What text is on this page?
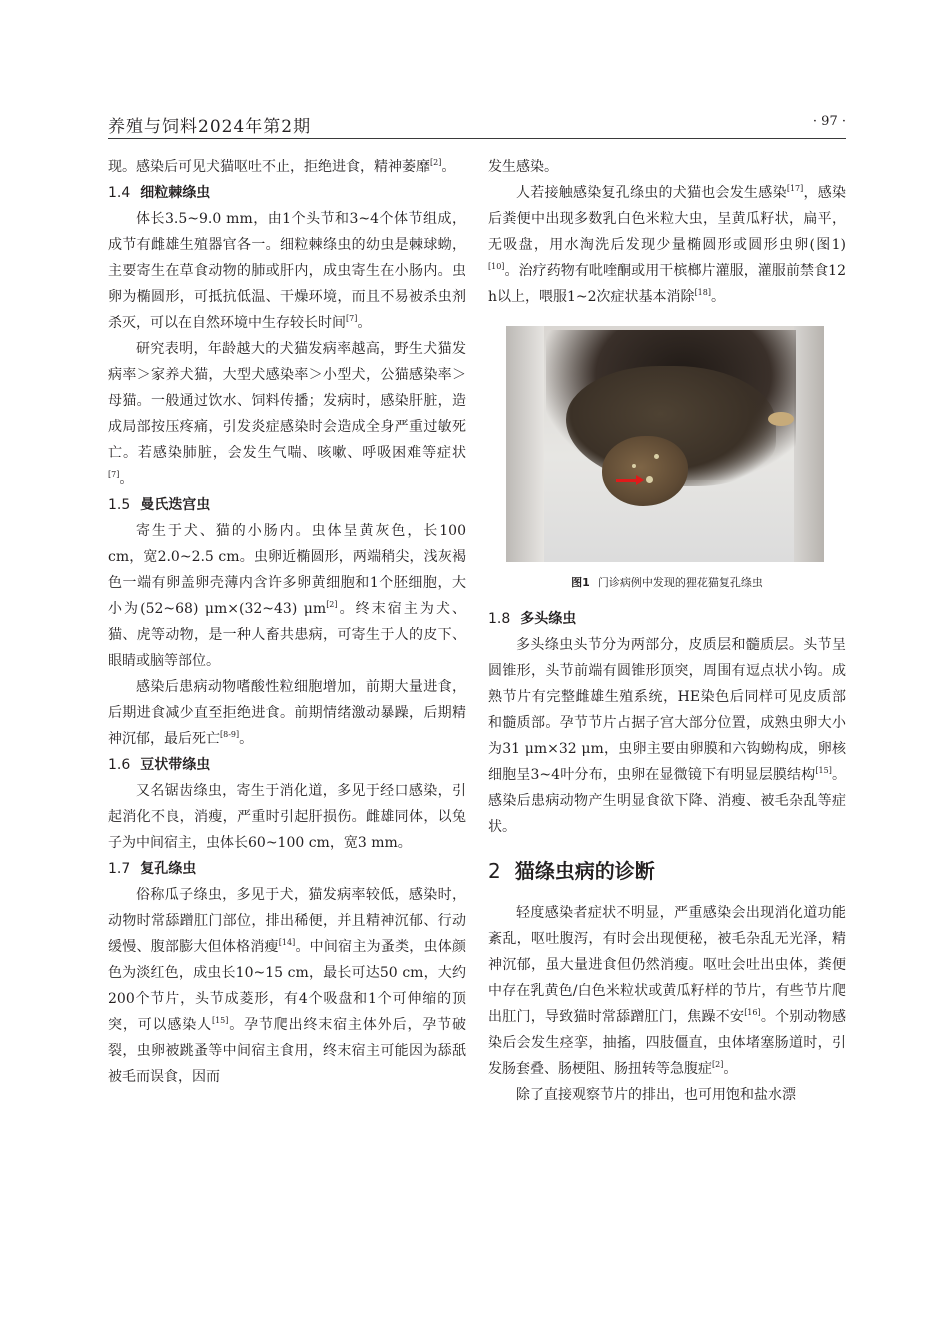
养殖与饲料2024年第2期	· 97 ·

现。感染后可见犬猫呕吐不止，拒绝进食，精神萎靡[2]。

1.4 细粒棘绦虫

体长3.5~9.0 mm，由1个头节和3~4个体节组成，成节有雌雄生殖器官各一。细粒棘绦虫的幼虫是棘球蚴，主要寄生在草食动物的肺或肝内，成虫寄生在小肠内。虫卵为椭圆形，可抵抗低温、干燥环境，而且不易被杀虫剂杀灭，可以在自然环境中生存较长时间[7]。

研究表明，年龄越大的犬猫发病率越高，野生犬猫发病率＞家养犬猫，大型犬感染率＞小型犬，公猫感染率＞母猫。一般通过饮水、饲料传播；发病时，感染肝脏，造成局部按压疼痛，引发炎症感染时会造成全身严重过敏死亡。若感染肺脏，会发生气喘、咳嗽、呼吸困难等症状[7]。

1.5 曼氏迭宫虫

寄生于犬、猫的小肠内。虫体呈黄灰色，长100 cm，宽2.0~2.5 cm。虫卵近椭圆形，两端稍尖，浅灰褐色一端有卵盖卵壳薄内含许多卵黄细胞和1个胚细胞，大小为(52~68) μm×(32~43) μm[2]。终末宿主为犬、猫、虎等动物，是一种人畜共患病，可寄生于人的皮下、眼睛或脑等部位。

感染后患病动物嗜酸性粒细胞增加，前期大量进食，后期进食减少直至拒绝进食。前期情绪激动暴躁，后期精神沉郁，最后死亡[8-9]。

1.6 豆状带绦虫

又名锯齿绦虫，寄生于消化道，多见于经口感染，引起消化不良，消瘦，严重时引起肝损伤。雌雄同体，以兔子为中间宿主，虫体长60~100 cm，宽3 mm。

1.7 复孔绦虫

俗称瓜子绦虫，多见于犬，猫发病率较低，感染时，动物时常舔蹭肛门部位，排出稀便，并且精神沉郁、行动缓慢、腹部膨大但体格消瘦[14]。中间宿主为蚤类，虫体颜色为淡红色，成虫长10~15 cm，最长可达50 cm，大约200个节片，头节成菱形，有4个吸盘和1个可伸缩的顶突，可以感染人[15]。孕节爬出终末宿主体外后，孕节破裂，虫卵被跳蚤等中间宿主食用，终末宿主可能因为舔舐被毛而误食，因而

发生感染。

人若接触感染复孔绦虫的犬猫也会发生感染[17]，感染后粪便中出现多数乳白色米粒大虫，呈黄瓜籽状，扁平，无吸盘，用水淘洗后发现少量椭圆形或圆形虫卵(图1)[10]。治疗药物有吡喹酮或用干槟榔片灌服，灌服前禁食12 h以上，喂服1~2次症状基本消除[18]。

图1 门诊病例中发现的狸花猫复孔绦虫
1.8 多头绦虫

多头绦虫头节分为两部分，皮质层和髓质层。头节呈圆锥形，头节前端有圆锥形顶突，周围有逗点状小钩。成熟节片有完整雌雄生殖系统，HE染色后同样可见皮质部和髓质部。孕节节片占据子宫大部分位置，成熟虫卵大小为31 μm×32 μm，虫卵主要由卵膜和六钩蚴构成，卵核细胞呈3~4叶分布，虫卵在显微镜下有明显层膜结构[15]。感染后患病动物产生明显食欲下降、消瘦、被毛杂乱等症状。

2 猫绦虫病的诊断

轻度感染者症状不明显，严重感染会出现消化道功能紊乱，呕吐腹泻，有时会出现便秘，被毛杂乱无光泽，精神沉郁，虽大量进食但仍然消瘦。呕吐会吐出虫体，粪便中存在乳黄色/白色米粒状或黄瓜籽样的节片，有些节片爬出肛门，导致猫时常舔蹭肛门，焦躁不安[16]。个别动物感染后会发生痉挛，抽搐，四肢僵直，虫体堵塞肠道时，引发肠套叠、肠梗阻、肠扭转等急腹症[2]。

除了直接观察节片的排出，也可用饱和盐水漂
